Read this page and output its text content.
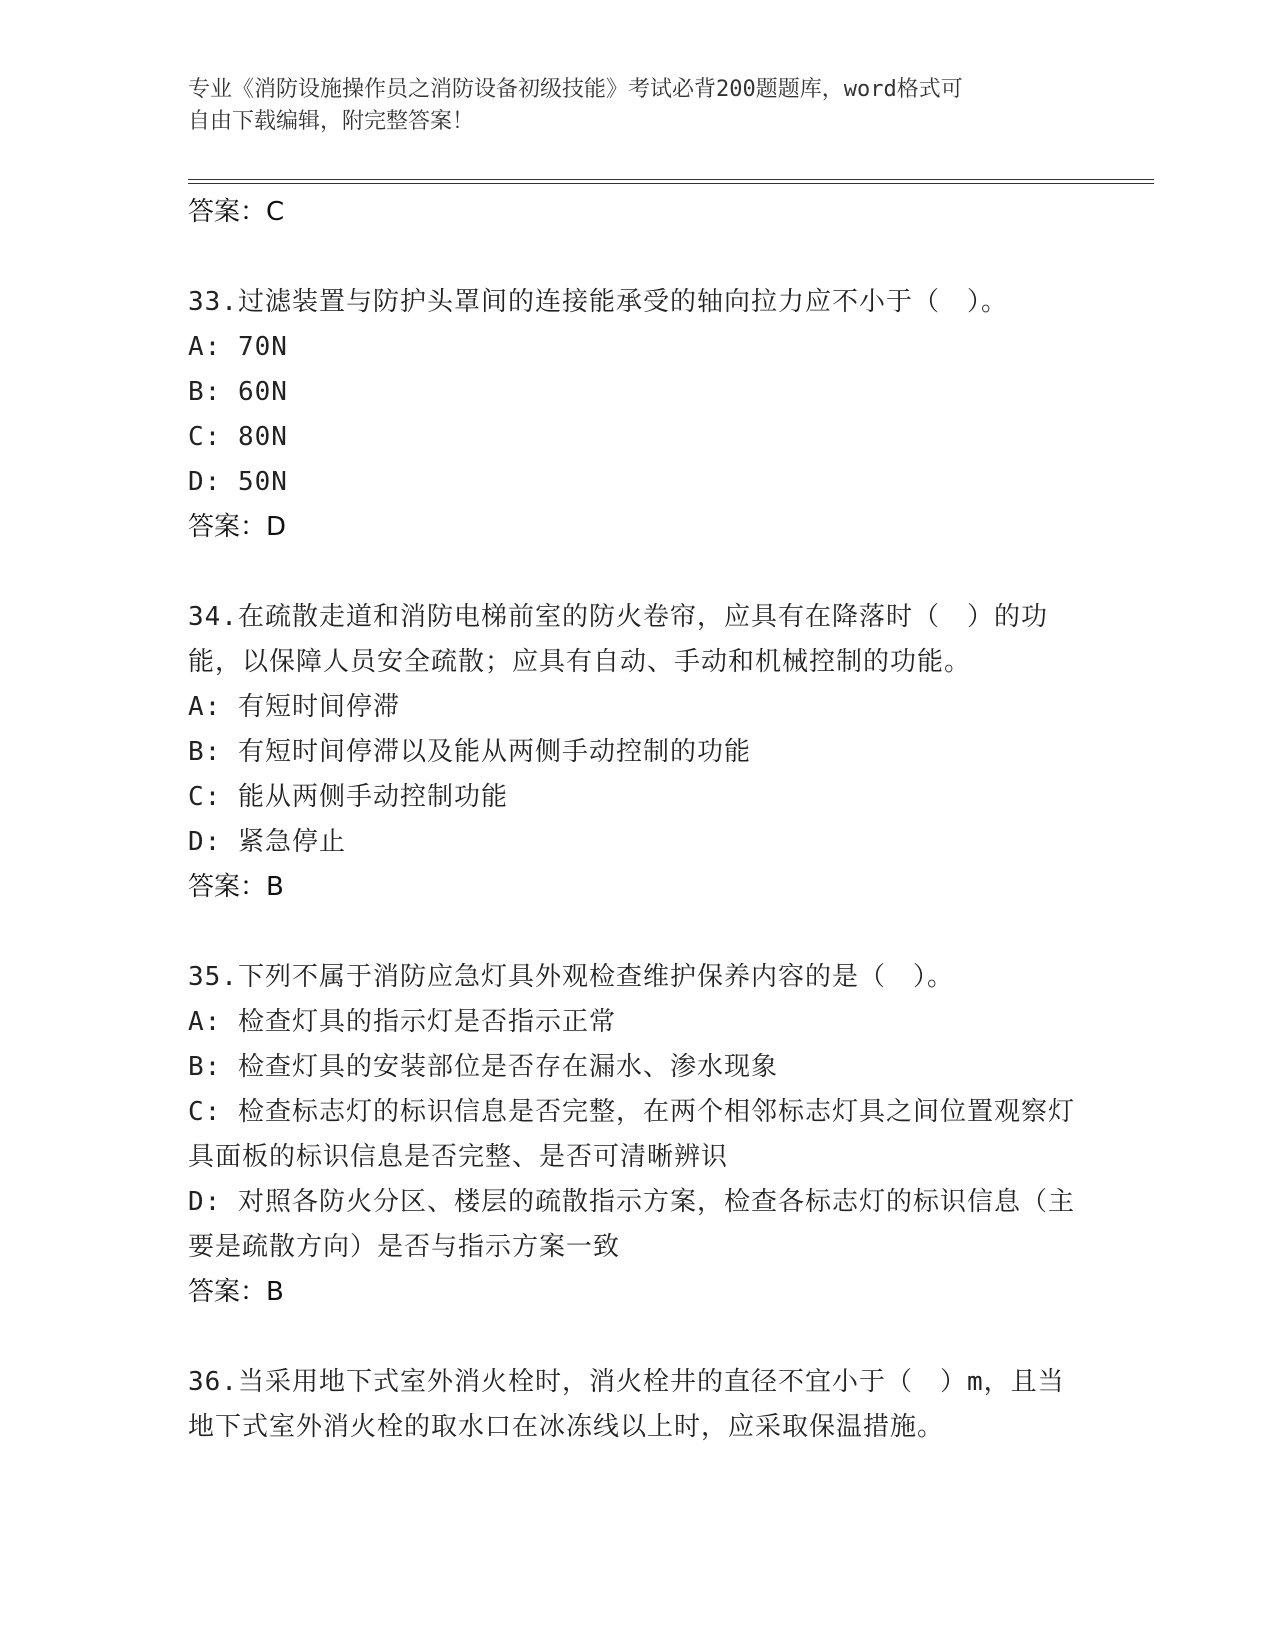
专业《消防设施操作员之消防设备初级技能》考试必背200题题库，word格式可
自由下载编辑，附完整答案！
答案：C
33.过滤装置与防护头罩间的连接能承受的轴向拉力应不小于（　）。
A: 70N
B: 60N
C: 80N
D: 50N
答案：D
34.在疏散走道和消防电梯前室的防火卷帘，应具有在降落时（　）的功能，以保障人员安全疏散；应具有自动、手动和机械控制的功能。
A: 有短时间停滞
B: 有短时间停滞以及能从两侧手动控制的功能
C: 能从两侧手动控制功能
D: 紧急停止
答案：B
35.下列不属于消防应急灯具外观检查维护保养内容的是（　）。
A: 检查灯具的指示灯是否指示正常
B: 检查灯具的安装部位是否存在漏水、渗水现象
C: 检查标志灯的标识信息是否完整，在两个相邻标志灯具之间位置观察灯具面板的标识信息是否完整、是否可清晰辨识
D: 对照各防火分区、楼层的疏散指示方案，检查各标志灯的标识信息（主要是疏散方向）是否与指示方案一致
答案：B
36.当采用地下式室外消火栓时，消火栓井的直径不宜小于（　）m，且当地下式室外消火栓的取水口在冰冻线以上时，应采取保温措施。
